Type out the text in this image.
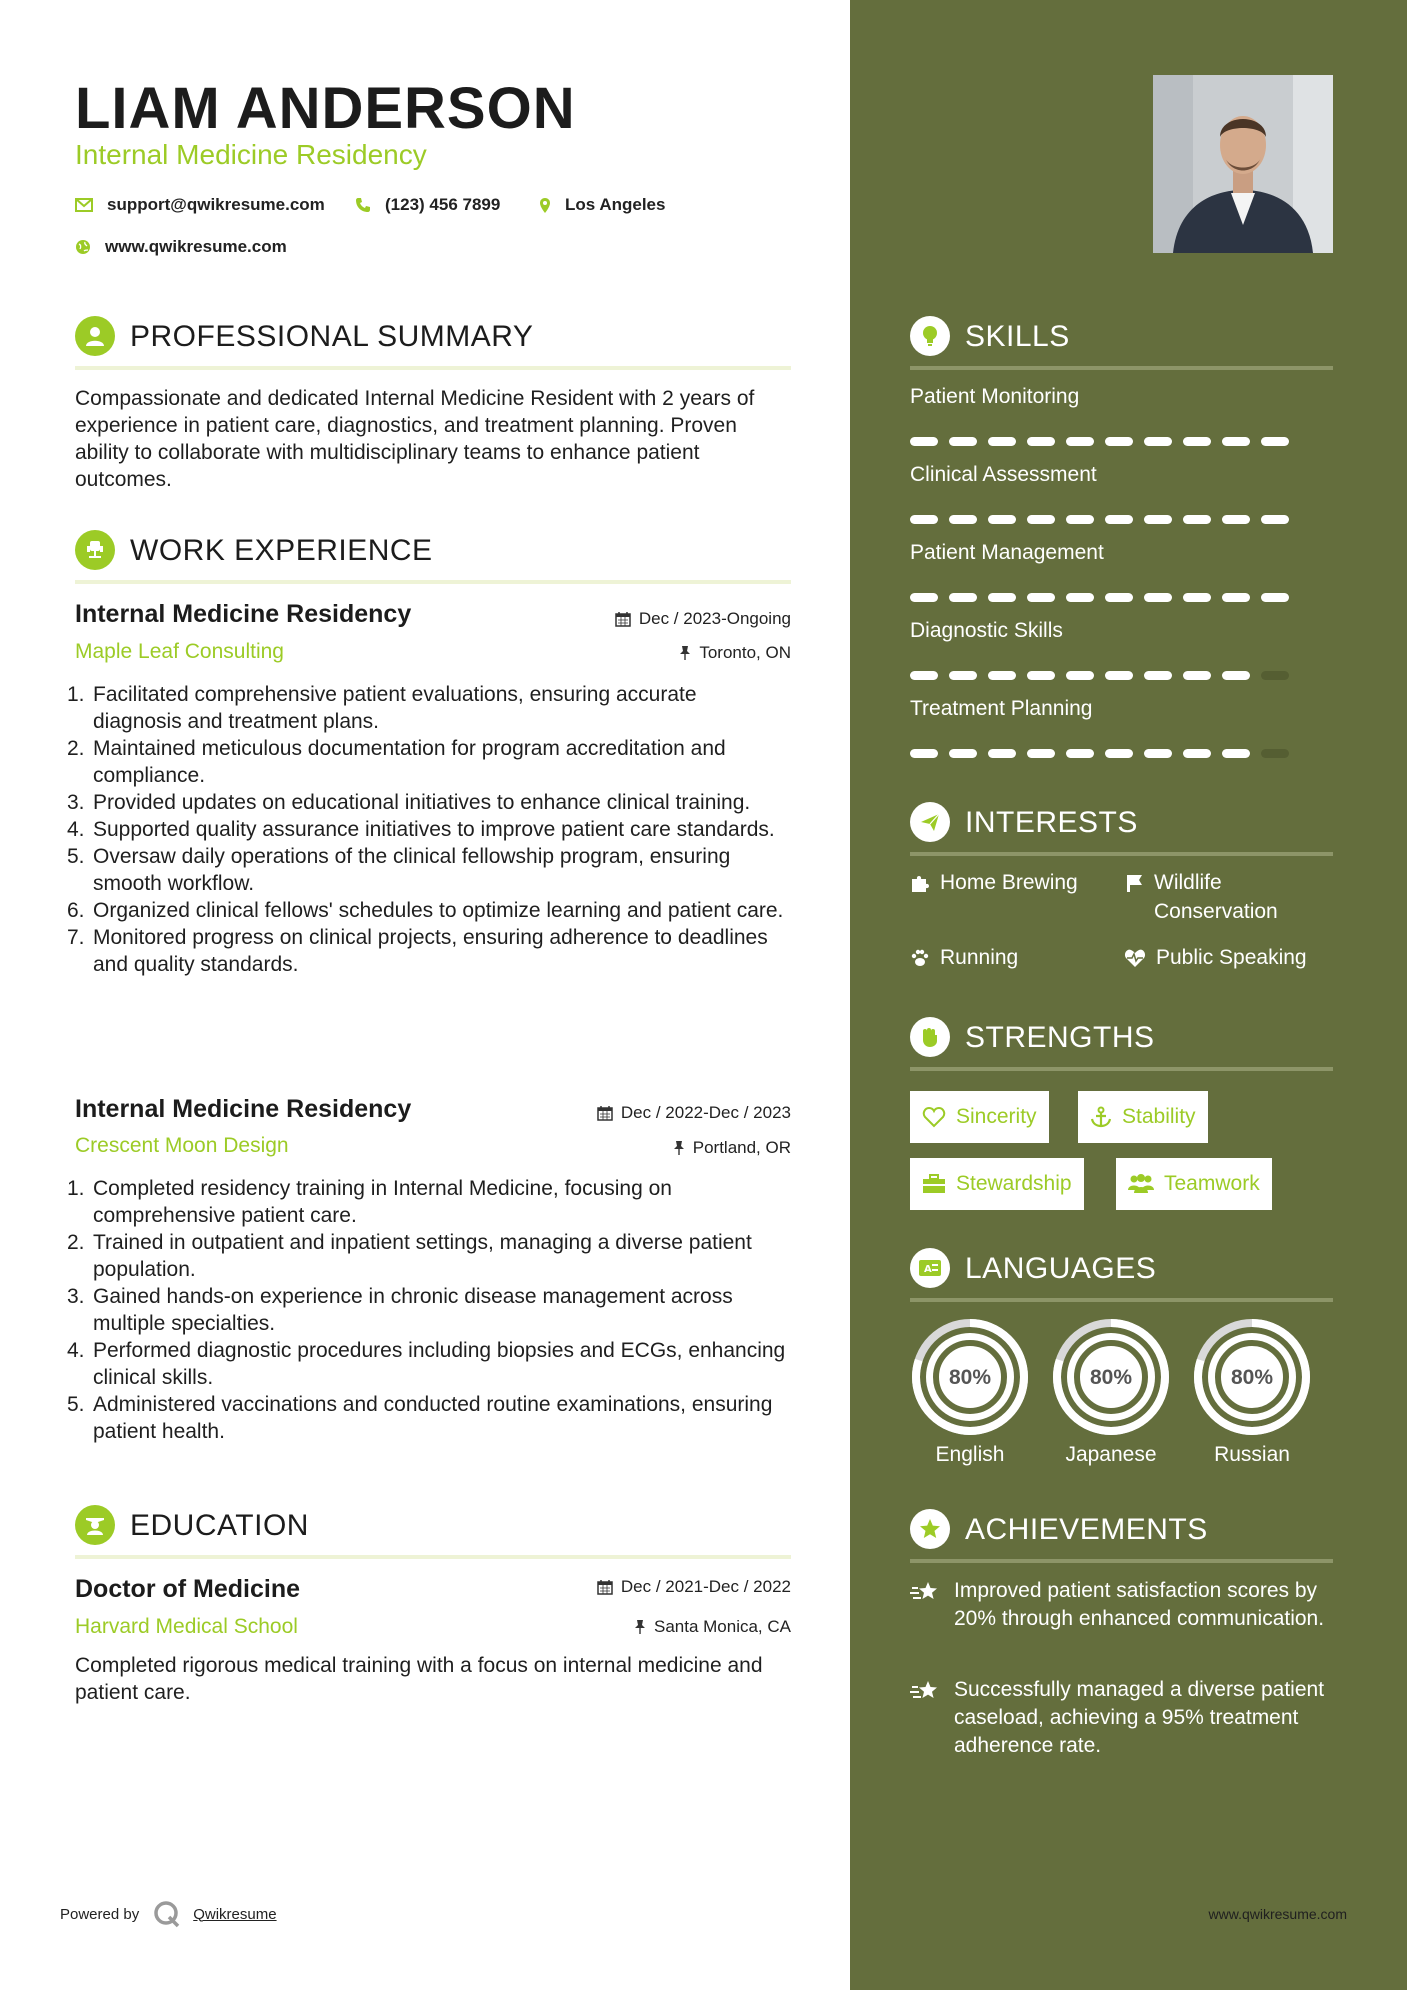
LIAM ANDERSON
Internal Medicine Residency
support@qwikresume.com	(123) 456 7899	Los Angeles
www.qwikresume.com
PROFESSIONAL SUMMARY
Compassionate and dedicated Internal Medicine Resident with 2 years of experience in patient care, diagnostics, and treatment planning. Proven ability to collaborate with multidisciplinary teams to enhance patient outcomes.
WORK EXPERIENCE
Internal Medicine Residency	Dec / 2023-Ongoing
Maple Leaf Consulting	Toronto, ON
1. Facilitated comprehensive patient evaluations, ensuring accurate diagnosis and treatment plans.
2. Maintained meticulous documentation for program accreditation and compliance.
3. Provided updates on educational initiatives to enhance clinical training.
4. Supported quality assurance initiatives to improve patient care standards.
5. Oversaw daily operations of the clinical fellowship program, ensuring smooth workflow.
6. Organized clinical fellows' schedules to optimize learning and patient care.
7. Monitored progress on clinical projects, ensuring adherence to deadlines and quality standards.
Internal Medicine Residency	Dec / 2022-Dec / 2023
Crescent Moon Design	Portland, OR
1. Completed residency training in Internal Medicine, focusing on comprehensive patient care.
2. Trained in outpatient and inpatient settings, managing a diverse patient population.
3. Gained hands-on experience in chronic disease management across multiple specialties.
4. Performed diagnostic procedures including biopsies and ECGs, enhancing clinical skills.
5. Administered vaccinations and conducted routine examinations, ensuring patient health.
EDUCATION
Doctor of Medicine	Dec / 2021-Dec / 2022
Harvard Medical School	Santa Monica, CA
Completed rigorous medical training with a focus on internal medicine and patient care.
SKILLS
Patient Monitoring
Clinical Assessment
Patient Management
Diagnostic Skills
Treatment Planning
INTERESTS
Home Brewing	Wildlife Conservation
Running	Public Speaking
STRENGTHS
Sincerity	Stability
Stewardship	Teamwork
A LANGUAGES
80%
English
80%
Japanese
80%
Russian
ACHIEVEMENTS
Improved patient satisfaction scores by 20% through enhanced communication.
Successfully managed a diverse patient caseload, achieving a 95% treatment adherence rate.
Powered by	Qwikresume	www.qwikresume.com
